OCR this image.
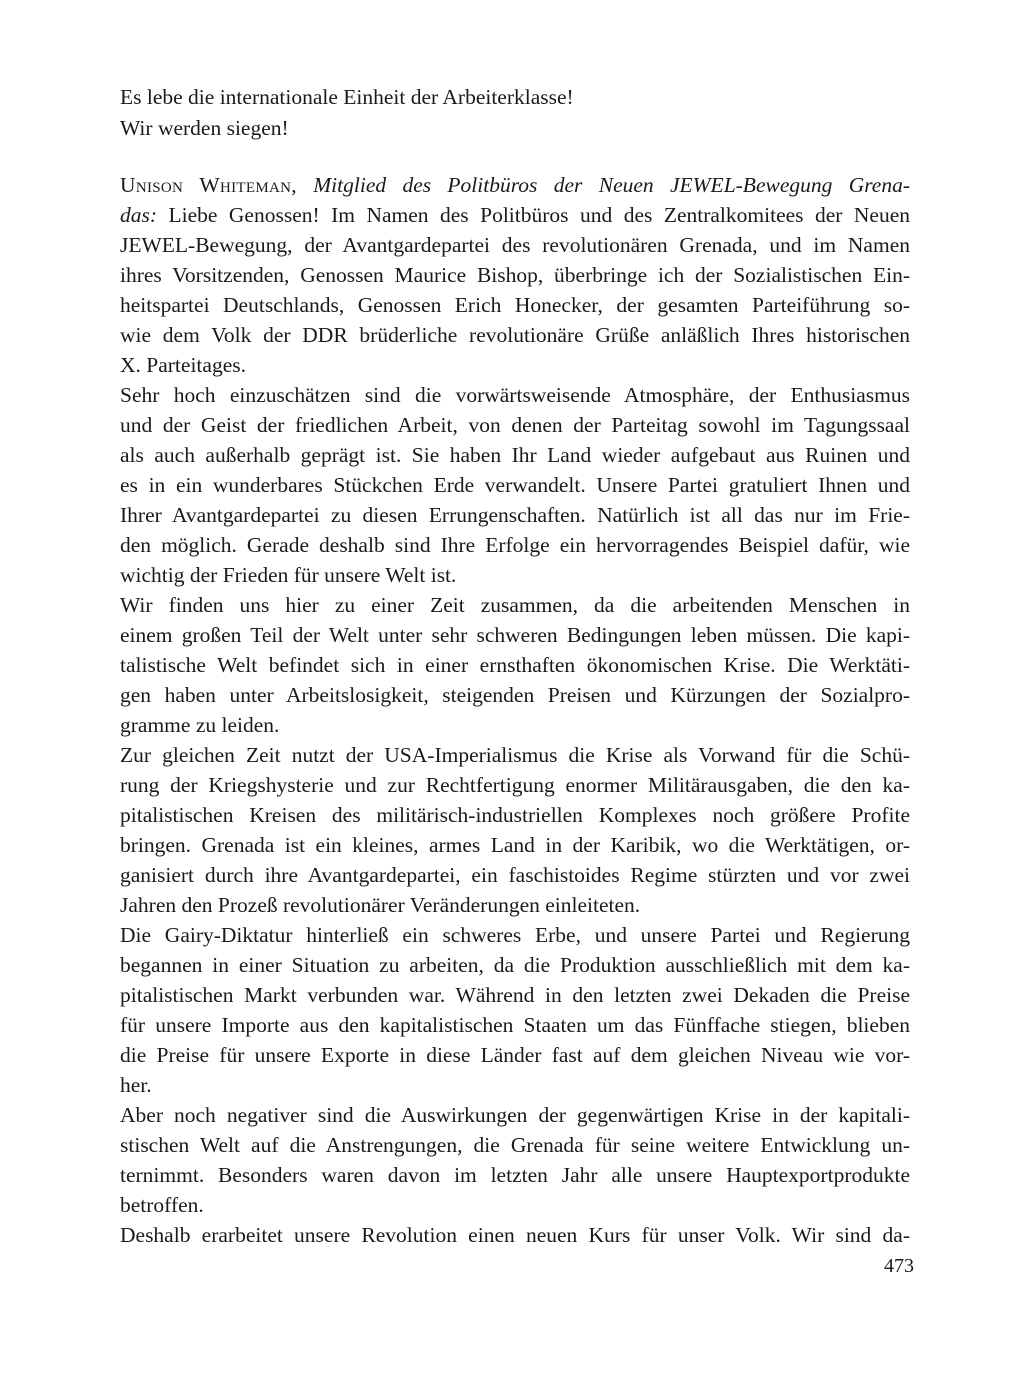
Es lebe die internationale Einheit der Arbeiterklasse!
Wir werden siegen!
Unison Whiteman, Mitglied des Politbüros der Neuen JEWEL-Bewegung Grena-
das: Liebe Genossen! Im Namen des Politbüros und des Zentralkomitees der Neuen
JEWEL-Bewegung, der Avantgardepartei des revolutionären Grenada, und im Namen
ihres Vorsitzenden, Genossen Maurice Bishop, überbringe ich der Sozialistischen Ein-
heitspartei Deutschlands, Genossen Erich Honecker, der gesamten Parteiführung so-
wie dem Volk der DDR brüderliche revolutionäre Grüße anläßlich Ihres historischen
X. Parteitages.
Sehr hoch einzuschätzen sind die vorwärtsweisende Atmosphäre, der Enthusiasmus
und der Geist der friedlichen Arbeit, von denen der Parteitag sowohl im Tagungssaal
als auch außerhalb geprägt ist. Sie haben Ihr Land wieder aufgebaut aus Ruinen und
es in ein wunderbares Stückchen Erde verwandelt. Unsere Partei gratuliert Ihnen und
Ihrer Avantgardepartei zu diesen Errungenschaften. Natürlich ist all das nur im Frie-
den möglich. Gerade deshalb sind Ihre Erfolge ein hervorragendes Beispiel dafür, wie
wichtig der Frieden für unsere Welt ist.
Wir finden uns hier zu einer Zeit zusammen, da die arbeitenden Menschen in
einem großen Teil der Welt unter sehr schweren Bedingungen leben müssen. Die kapi-
talistische Welt befindet sich in einer ernsthaften ökonomischen Krise. Die Werktäti-
gen haben unter Arbeitslosigkeit, steigenden Preisen und Kürzungen der Sozialpro-
gramme zu leiden.
Zur gleichen Zeit nutzt der USA-Imperialismus die Krise als Vorwand für die Schü-
rung der Kriegshysterie und zur Rechtfertigung enormer Militärausgaben, die den ka-
pitalistischen Kreisen des militärisch-industriellen Komplexes noch größere Profite
bringen. Grenada ist ein kleines, armes Land in der Karibik, wo die Werktätigen, or-
ganisiert durch ihre Avantgardepartei, ein faschistoides Regime stürzten und vor zwei
Jahren den Prozeß revolutionärer Veränderungen einleiteten.
Die Gairy-Diktatur hinterließ ein schweres Erbe, und unsere Partei und Regierung
begannen in einer Situation zu arbeiten, da die Produktion ausschließlich mit dem ka-
pitalistischen Markt verbunden war. Während in den letzten zwei Dekaden die Preise
für unsere Importe aus den kapitalistischen Staaten um das Fünffache stiegen, blieben
die Preise für unsere Exporte in diese Länder fast auf dem gleichen Niveau wie vor-
her.
Aber noch negativer sind die Auswirkungen der gegenwärtigen Krise in der kapitali-
stischen Welt auf die Anstrengungen, die Grenada für seine weitere Entwicklung un-
ternimmt. Besonders waren davon im letzten Jahr alle unsere Hauptexportprodukte
betroffen.
Deshalb erarbeitet unsere Revolution einen neuen Kurs für unser Volk. Wir sind da-
473
